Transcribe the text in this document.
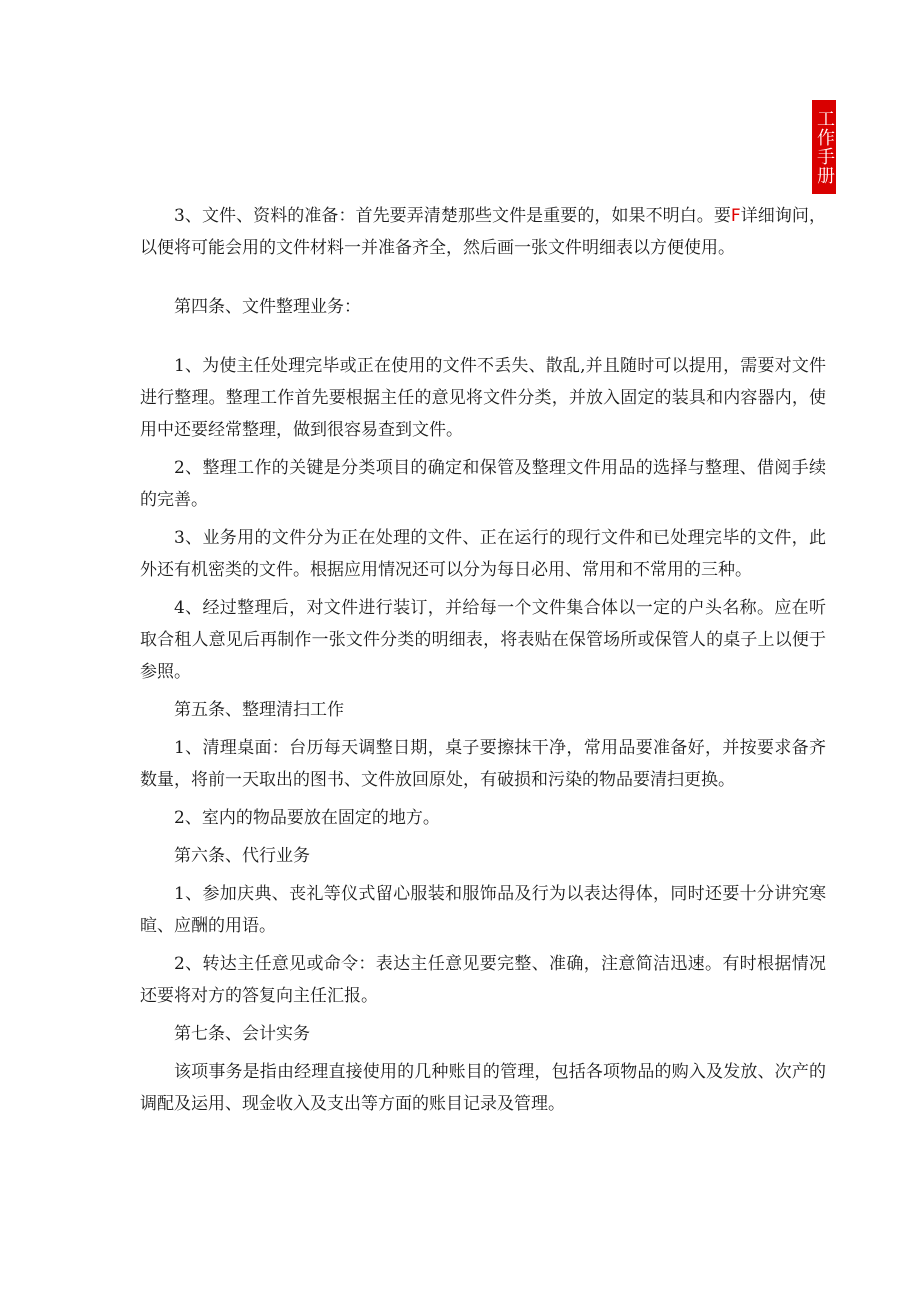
工作手册

3、文件、资料的准备：首先要弄清楚那些文件是重要的，如果不明白。要F详细询问，以便将可能会用的文件材料一并准备齐全，然后画一张文件明细表以方便使用。

第四条、文件整理业务：

1、为使主任处理完毕或正在使用的文件不丢失、散乱,并且随时可以提用，需要对文件进行整理。整理工作首先要根据主任的意见将文件分类，并放入固定的装具和内容器内，使用中还要经常整理，做到很容易查到文件。

2、整理工作的关键是分类项目的确定和保管及整理文件用品的选择与整理、借阅手续的完善。

3、业务用的文件分为正在处理的文件、正在运行的现行文件和已处理完毕的文件，此外还有机密类的文件。根据应用情况还可以分为每日必用、常用和不常用的三种。

4、经过整理后，对文件进行装订，并给每一个文件集合体以一定的户头名称。应在听取合租人意见后再制作一张文件分类的明细表，将表贴在保管场所或保管人的桌子上以便于参照。

第五条、整理清扫工作

1、清理桌面：台历每天调整日期，桌子要擦抹干净，常用品要准备好，并按要求备齐数量，将前一天取出的图书、文件放回原处，有破损和污染的物品要清扫更换。

2、室内的物品要放在固定的地方。

第六条、代行业务

1、参加庆典、丧礼等仪式留心服装和服饰品及行为以表达得体，同时还要十分讲究寒暄、应酬的用语。

2、转达主任意见或命令：表达主任意见要完整、准确，注意简洁迅速。有时根据情况还要将对方的答复向主任汇报。

第七条、会计实务

该项事务是指由经理直接使用的几种账目的管理，包括各项物品的购入及发放、次产的调配及运用、现金收入及支出等方面的账目记录及管理。
